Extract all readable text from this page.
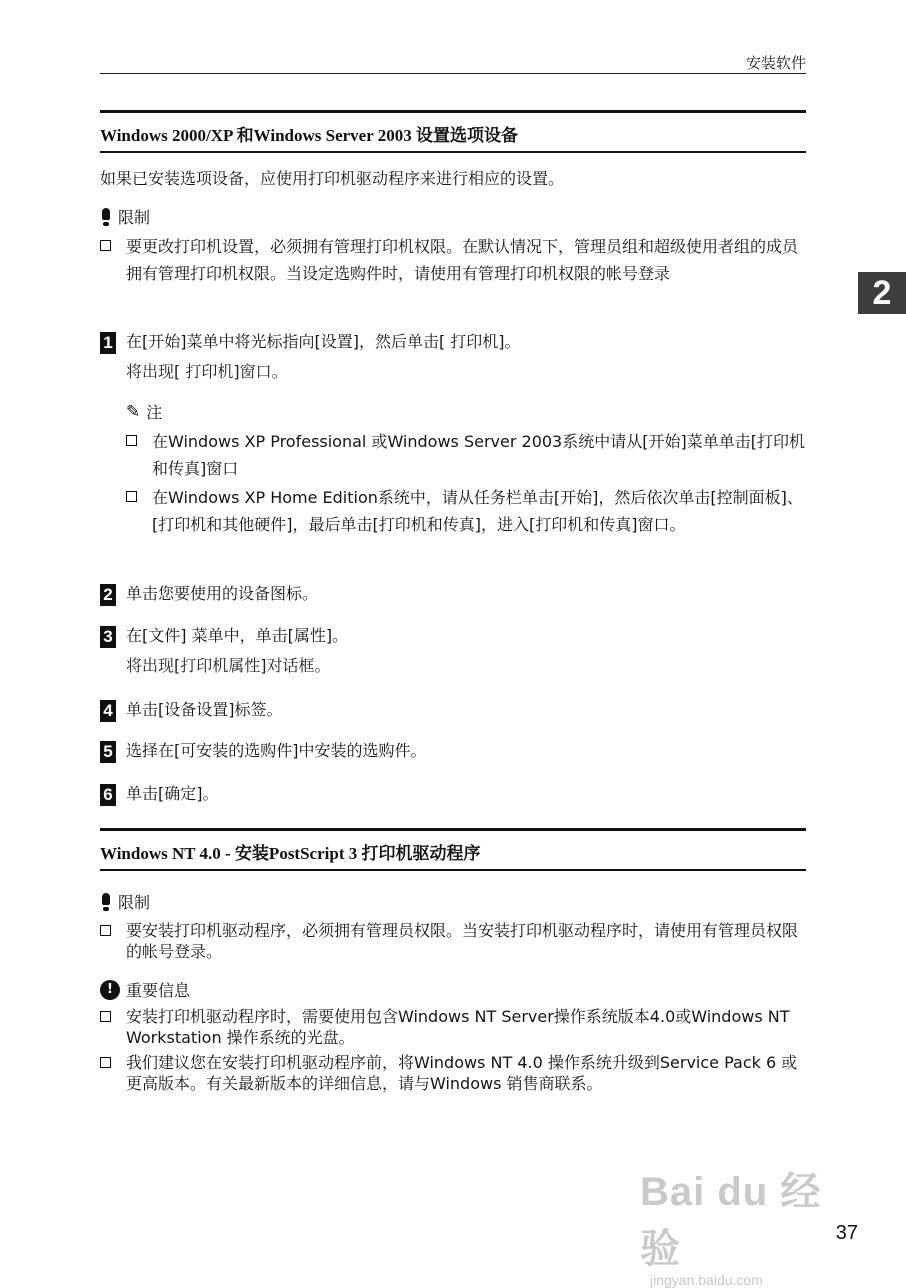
安装软件
2
Windows 2000/XP 和Windows Server 2003 设置选项设备
如果已安装选项设备，应使用打印机驱动程序来进行相应的设置。
限制
要更改打印机设置，必须拥有管理打印机权限。在默认情况下，管理员组和超级使用者组的成员拥有管理打印机权限。当设定选购件时，请使用有管理打印机权限的帐号登录
1 在[开始]菜单中将光标指向[设置]，然后单击[ 打印机]。
将出现[ 打印机]窗口。
✎ 注
在Windows XP Professional 或Windows Server 2003系统中请从[开始]菜单单击[打印机和传真]窗口
在Windows XP Home Edition系统中，请从任务栏单击[开始]，然后依次单击[控制面板]、[打印机和其他硬件]，最后单击[打印机和传真]，进入[打印机和传真]窗口。
2 单击您要使用的设备图标。
3 在[文件] 菜单中，单击[属性]。
将出现[打印机属性]对话框。
4 单击[设备设置]标签。
5 选择在[可安装的选购件]中安装的选购件。
6 单击[确定]。
Windows NT 4.0 - 安装PostScript 3 打印机驱动程序
限制
要安装打印机驱动程序，必须拥有管理员权限。当安装打印机驱动程序时，请使用有管理员权限的帐号登录。
! 重要信息
安装打印机驱动程序时，需要使用包含Windows NT Server操作系统版本4.0或Windows NT Workstation 操作系统的光盘。
我们建议您在安装打印机驱动程序前，将Windows NT 4.0 操作系统升级到Service Pack 6 或更高版本。有关最新版本的详细信息，请与Windows 销售商联系。
Bai du 经验
jingyan.baidu.com
37
